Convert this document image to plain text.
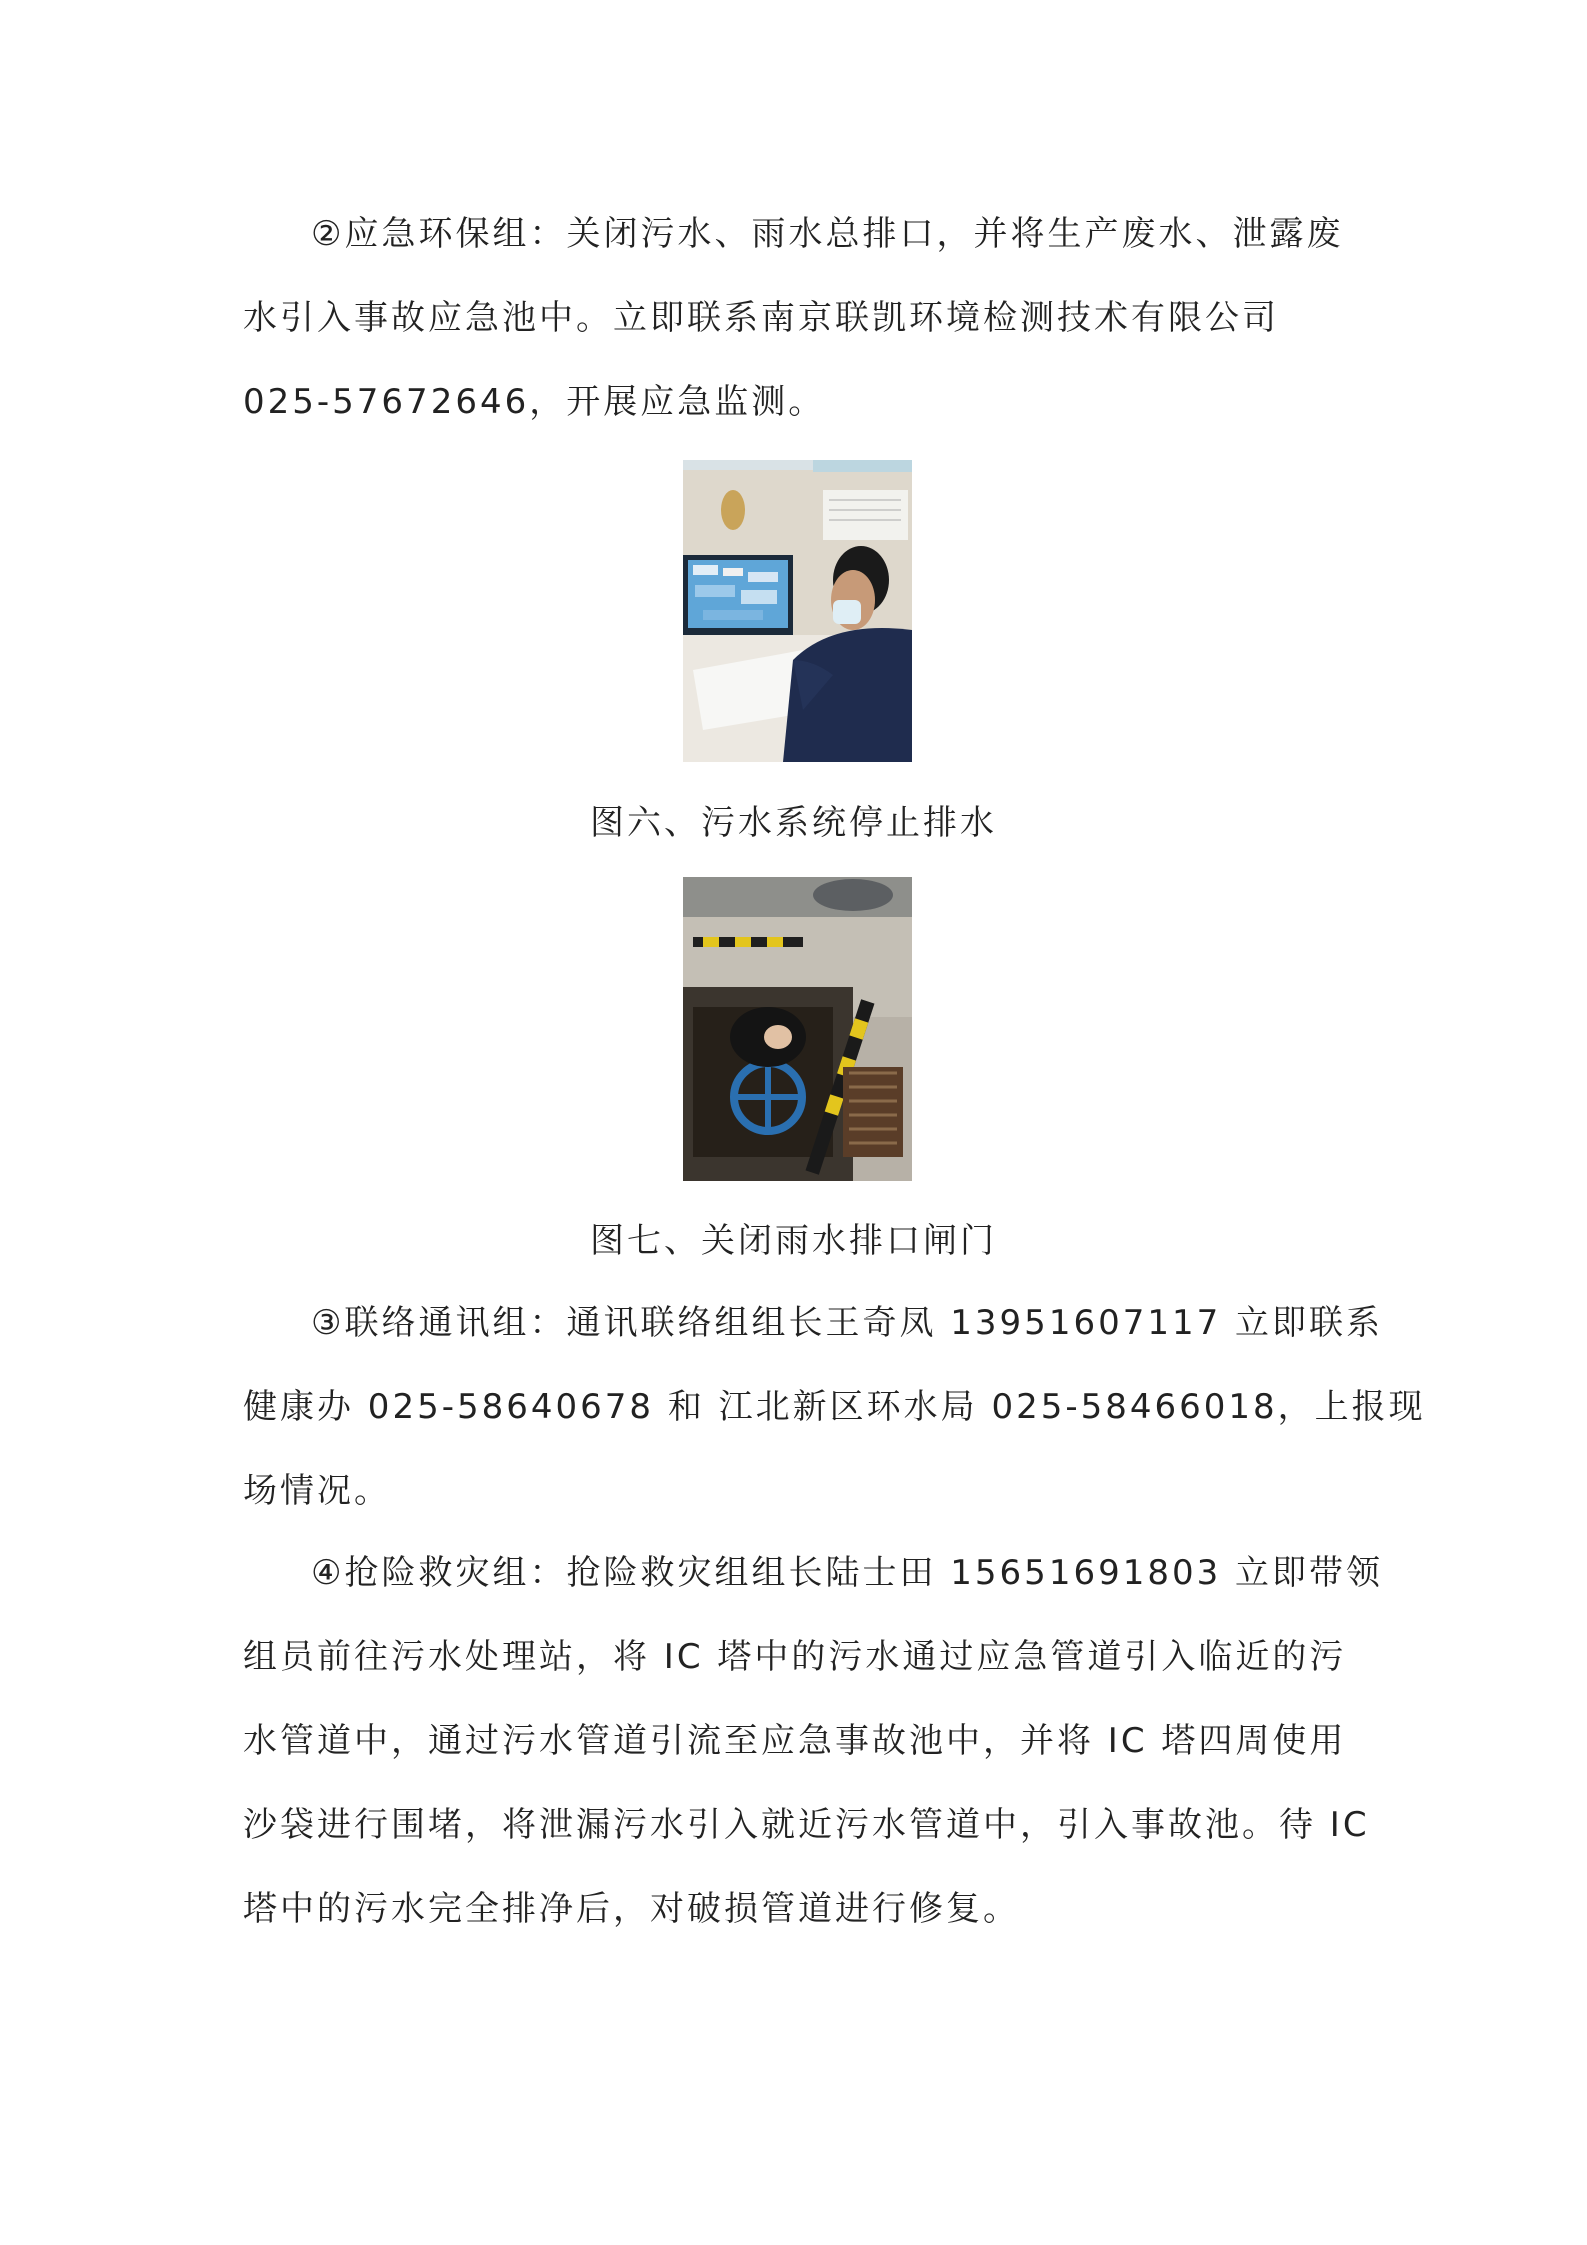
②应急环保组：关闭污水、雨水总排口，并将生产废水、泄露废
水引入事故应急池中。立即联系南京联凯环境检测技术有限公司
025-57672646，开展应急监测。

图六、污水系统停止排水

图七、关闭雨水排口闸门

③联络通讯组：通讯联络组组长王奇凤 13951607117 立即联系
健康办 025-58640678 和 江北新区环水局 025-58466018，上报现
场情况。

④抢险救灾组：抢险救灾组组长陆士田 15651691803 立即带领
组员前往污水处理站，将 IC 塔中的污水通过应急管道引入临近的污
水管道中，通过污水管道引流至应急事故池中，并将 IC 塔四周使用
沙袋进行围堵，将泄漏污水引入就近污水管道中，引入事故池。待 IC
塔中的污水完全排净后，对破损管道进行修复。
